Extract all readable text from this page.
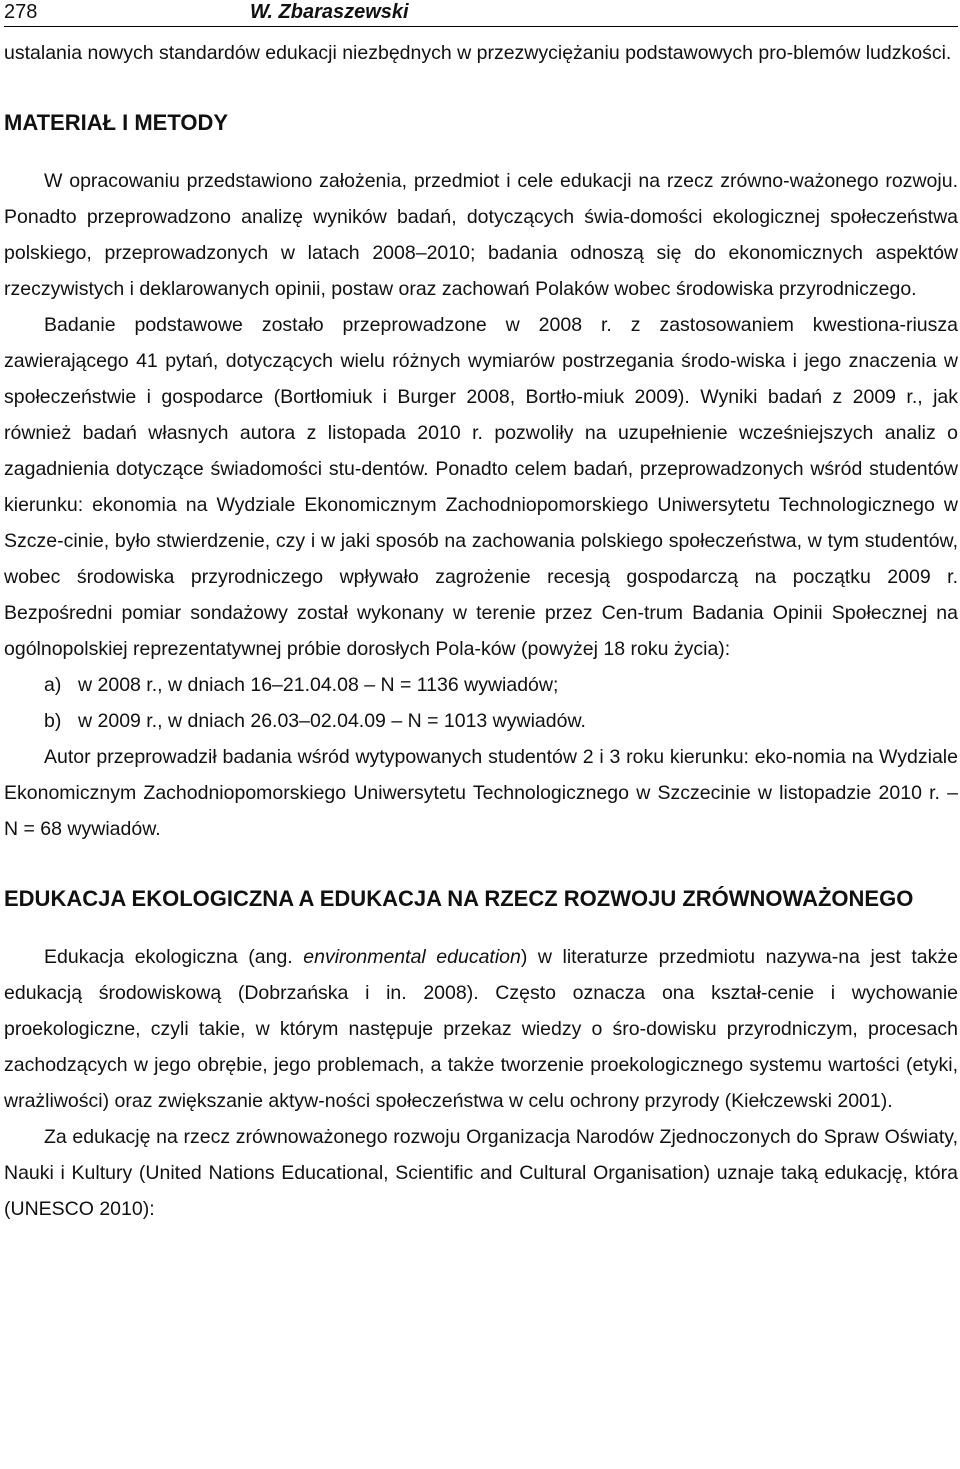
278	W. Zbaraszewski

ustalania nowych standardów edukacji niezbędnych w przezwyciężaniu podstawowych pro-blemów ludzkości.

MATERIAŁ I METODY

W opracowaniu przedstawiono założenia, przedmiot i cele edukacji na rzecz zrówno-ważonego rozwoju. Ponadto przeprowadzono analizę wyników badań, dotyczących świa-domości ekologicznej społeczeństwa polskiego, przeprowadzonych w latach 2008–2010; badania odnoszą się do ekonomicznych aspektów rzeczywistych i deklarowanych opinii, postaw oraz zachowań Polaków wobec środowiska przyrodniczego.

Badanie podstawowe zostało przeprowadzone w 2008 r. z zastosowaniem kwestiona-riusza zawierającego 41 pytań, dotyczących wielu różnych wymiarów postrzegania środo-wiska i jego znaczenia w społeczeństwie i gospodarce (Bortłomiuk i Burger 2008, Bortło-miuk 2009). Wyniki badań z 2009 r., jak również badań własnych autora z listopada 2010 r. pozwoliły na uzupełnienie wcześniejszych analiz o zagadnienia dotyczące świadomości stu-dentów. Ponadto celem badań, przeprowadzonych wśród studentów kierunku: ekonomia na Wydziale Ekonomicznym Zachodniopomorskiego Uniwersytetu Technologicznego w Szcze-cinie, było stwierdzenie, czy i w jaki sposób na zachowania polskiego społeczeństwa, w tym studentów, wobec środowiska przyrodniczego wpływało zagrożenie recesją gospodarczą na początku 2009 r. Bezpośredni pomiar sondażowy został wykonany w terenie przez Cen-trum Badania Opinii Społecznej na ogólnopolskiej reprezentatywnej próbie dorosłych Pola-ków (powyżej 18 roku życia):

a) w 2008 r., w dniach 16–21.04.08 – N = 1136 wywiadów;
b) w 2009 r., w dniach 26.03–02.04.09 – N = 1013 wywiadów.

Autor przeprowadził badania wśród wytypowanych studentów 2 i 3 roku kierunku: eko-nomia na Wydziale Ekonomicznym Zachodniopomorskiego Uniwersytetu Technologicznego w Szczecinie w listopadzie 2010 r. – N = 68 wywiadów.

EDUKACJA EKOLOGICZNA A EDUKACJA NA RZECZ ROZWOJU ZRÓWNOWAŻONEGO

Edukacja ekologiczna (ang. environmental education) w literaturze przedmiotu nazywa-na jest także edukacją środowiskową (Dobrzańska i in. 2008). Często oznacza ona kształ-cenie i wychowanie proekologiczne, czyli takie, w którym następuje przekaz wiedzy o śro-dowisku przyrodniczym, procesach zachodzących w jego obrębie, jego problemach, a także tworzenie proekologicznego systemu wartości (etyki, wrażliwości) oraz zwiększanie aktyw-ności społeczeństwa w celu ochrony przyrody (Kiełczewski 2001).

Za edukację na rzecz zrównoważonego rozwoju Organizacja Narodów Zjednoczonych do Spraw Oświaty, Nauki i Kultury (United Nations Educational, Scientific and Cultural Organisation) uznaje taką edukację, która (UNESCO 2010):
